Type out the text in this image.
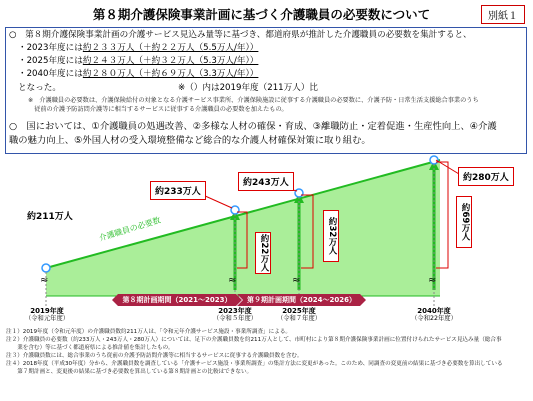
第８期介護保険事業計画に基づく介護職員の必要数について	別紙１
○　第８期介護保険事業計画の介護サービス見込み量等に基づき、都道府県が推計した介護職員の必要数を集計すると、
・2023年度には約２３３万人（＋約２２万人（5.5万人/年））
・2025年度には約２４３万人（＋約３２万人（5.3万人/年））
・2040年度には約２８０万人（＋約６９万人（3.3万人/年））
となった。	※（）内は2019年度（211万人）比
※　介護職員の必要数は、介護保険給付の対象となる介護サービス事業所、介護保険施設に従事する介護職員の必要数に、介護予防・日常生活支援総合事業のうち
　従前の介護予防訪問介護等に相当するサービスに従事する介護職員の必要数を加えたもの。
○　国においては、①介護職員の処遇改善、②多様な人材の確保・育成、③離職防止・定着促進・生産性向上、④介護
職の魅力向上、⑤外国人材の受入環境整備など総合的な介護人材確保対策に取り組む。
≈	≈	≈	≈
介護職員の必要数
第８期計画期間（2021～2023）	第９期計画期間（2024～2026）
約211万人
約233万人
約243万人	約280万人
約22万人	約32万人	約69万人
2019年度
（令和元年度）
2023年度
（令和５年度）
2025年度
（令和７年度）
2040年度
（令和22年度）
注１）2019年度（令和元年度）の介護職員数約211万人は、「令和元年介護サービス施設・事業所調査」による。
注２）介護職員の必要数（約233万人・243万人・280万人）については、足下の介護職員数を約211万人として、市町村により第８期介護保険事業計画に位置付けられたサービス見込み量（総合事
　　業を含む）等に基づく都道府県による推計値を集計したもの。
注３）介護職員数には、総合事業のうち従前の介護予防訪問介護等に相当するサービスに従事する介護職員数を含む。
注４）2018年度（平成30年度）分から、介護職員数を調査している「介護サービス施設・事業所調査」の集計方法に変更があった。このため、同調査の変更前の結果に基づき必要数を算出している
　　第７期計画と、変更後の結果に基づき必要数を算出している第８期計画との比較はできない。
